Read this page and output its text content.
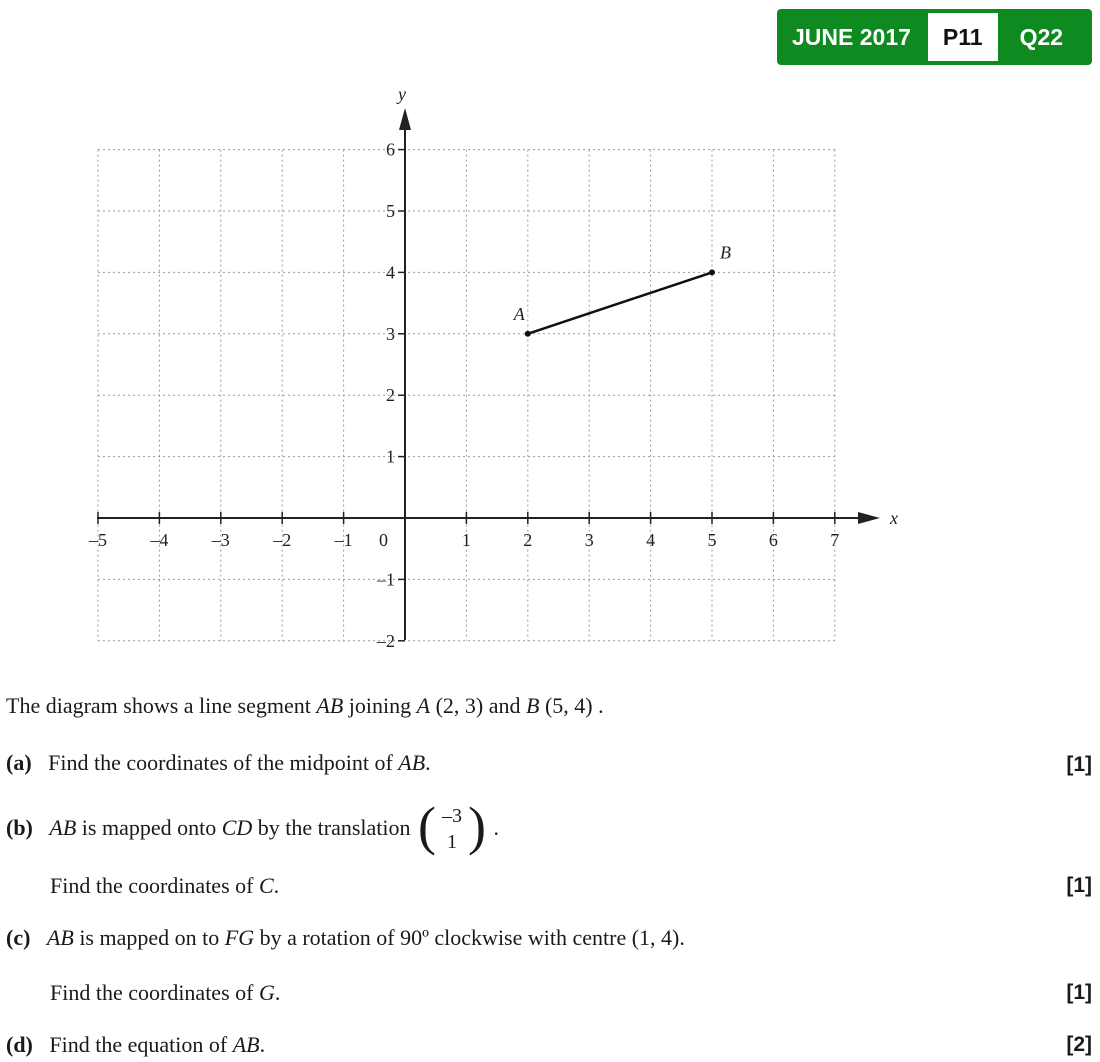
JUNE 2017	P11	Q22
x
y
0
–5 –4 –3 –2 –1	1	2	3	4	5	6	7
6
5
4
3
2
1
–1
–2
A
B
The diagram shows a line segment AB joining A (2, 3) and B (5, 4) .
(a) Find the coordinates of the midpoint of AB.	[1]
(b) AB is mapped onto CD by the translation ( –3
1 ) .
Find the coordinates of C.	[1]
(c) AB is mapped on to FG by a rotation of 90º clockwise with centre (1, 4).
Find the coordinates of G.	[1]
(d) Find the equation of AB.	[2]
